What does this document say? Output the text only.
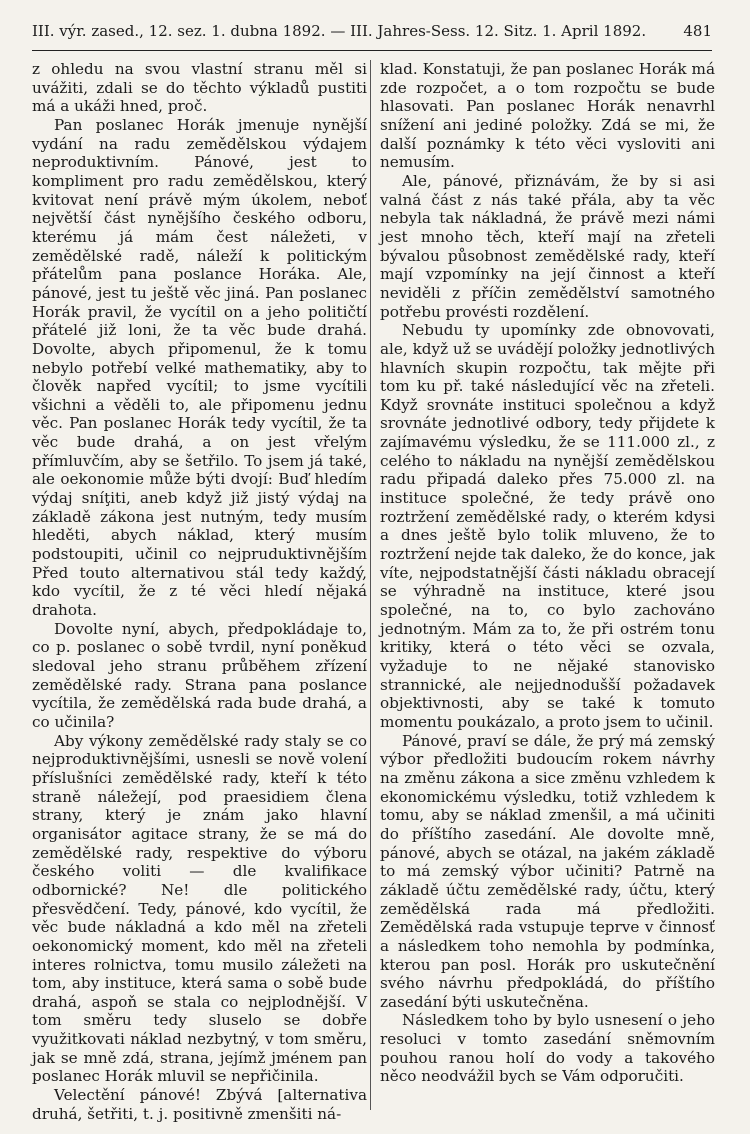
III. výr. zased., 12. sez. 1. dubna 1892. — III. Jahres-Sess. 12. Sitz. 1. April 1892. 481

z ohledu na svou vlastní stranu měl si uvážiti, zdali se do těchto výkladů pustiti má a ukáži hned, proč.

Pan poslanec Horák jmenuje nynější vydání na radu zemědělskou výdajem neproduktivním. Pánové, jest to kompliment pro radu zemědělskou, který kvitovat není právě mým úkolem, neboť největší část nynějšího českého odboru, kterému já mám čest náležeti, v zemědělské radě, náleží k politickým přátelům pana poslance Horáka. Ale, pánové, jest tu ještě věc jiná. Pan poslanec Horák pravil, že vycítil on a jeho političtí přátelé již loni, že ta věc bude drahá. Dovolte, abych připomenul, že k tomu nebylo potřebí velké mathematiky, aby to člověk napřed vycítil; to jsme vycítili všichni a věděli to, ale připomenu jednu věc. Pan poslanec Horák tedy vycítil, že ta věc bude drahá, a on jest vřelým přímluvčím, aby se šetřilo. To jsem já také, ale oekonomie může býti dvojí: Buď hledím výdaj sníţiti, aneb když již jistý výdaj na základě zákona jest nutným, tedy musím hleděti, abych náklad, který musím podstoupiti, učinil co nejpruduktivnějším Před touto alternativou stál tedy každý, kdo vycítil, že z té věci hledí nějaká drahota.

Dovolte nyní, abych, předpokládaje to, co p. poslanec o sobě tvrdil, nyní poněkud sledoval jeho stranu průběhem zřízení zemědělské rady. Strana pana poslance vycítila, že zemědělská rada bude drahá, a co učinila?

Aby výkony zemědělské rady staly se co nejproduktivnějšími, usnesli se nově volení příslušníci zemědělské rady, kteří k této straně náležejí, pod praesidiem člena strany, který je znám jako hlavní organisátor agitace strany, že se má do zemědělské rady, respektive do výboru českého voliti — dle kvalifikace odbornické? Ne! dle politického přesvědčení. Tedy, pánové, kdo vycítil, že věc bude nákladná a kdo měl na zřeteli oekonomický moment, kdo měl na zřeteli interes rolnictva, tomu musilo záležeti na tom, aby instituce, která sama o sobě bude drahá, aspoň se stala co nejplodnější. V tom směru tedy sluselo se dobře využitkovati náklad nezbytný, v tom směru, jak se mně zdá, strana, jejímž jménem pan poslanec Horák mluvil se nepřičinila.

Velectění pánové! Zbývá [alternativa druhá, šetřiti, t. j. positivně zmenšiti ná-

klad. Konstatuji, že pan poslanec Horák má zde rozpočet, a o tom rozpočtu se bude hlasovati. Pan poslanec Horák nenavrhl snížení ani jediné položky. Zdá se mi, že další poznámky k této věci vysloviti ani nemusím.

Ale, pánové, přiznávám, že by si asi valná část z nás také přála, aby ta věc nebyla tak nákladná, že právě mezi námi jest mnoho těch, kteří mají na zřeteli bývalou působnost zemědělské rady, kteří mají vzpomínky na její činnost a kteří neviděli z příčin zemědělství samotného potřebu provésti rozdělení.

Nebudu ty upomínky zde obnovovati, ale, když už se uvádějí položky jednotlivých hlavních skupin rozpočtu, tak mějte při tom ku př. také následující věc na zřeteli. Když srovnáte instituci společnou a když srovnáte jednotlivé odbory, tedy přijdete k zajímavému výsledku, že se 111.000 zl., z celého to nákladu na nynější zemědělskou radu připadá daleko přes 75.000 zl. na instituce společné, že tedy právě ono roztržení zemědělské rady, o kterém kdysi a dnes ještě bylo tolik mluveno, že to roztržení nejde tak daleko, že do konce, jak víte, nejpodstatnější části nákladu obracejí se výhradně na instituce, které jsou společné, na to, co bylo zachováno jednotným. Mám za to, že při ostrém tonu kritiky, která o této věci se ozvala, vyžaduje to ne nějaké stanovisko strannické, ale nejjednodušší požadavek objektivnosti, aby se také k tomuto momentu poukázalo, a proto jsem to učinil.

Pánové, praví se dále, že prý má zemský výbor předložiti budoucím rokem návrhy na změnu zákona a sice změnu vzhledem k ekonomickému výsledku, totiž vzhledem k tomu, aby se náklad zmenšil, a má učiniti do příštího zasedání. Ale dovolte mně, pánové, abych se otázal, na jakém základě to má zemský výbor učiniti? Patrně na základě účtu zemědělské rady, účtu, který zemědělská rada má předložiti. Zemědělská rada vstupuje teprve v činnosť a následkem toho nemohla by podmínka, kterou pan posl. Horák pro uskutečnění svého návrhu předpokládá, do příštího zasedání býti uskutečněna.

Následkem toho by bylo usnesení o jeho resoluci v tomto zasedání sněmovním pouhou ranou holí do vody a takového něco neodvážil bych se Vám odporučiti.
